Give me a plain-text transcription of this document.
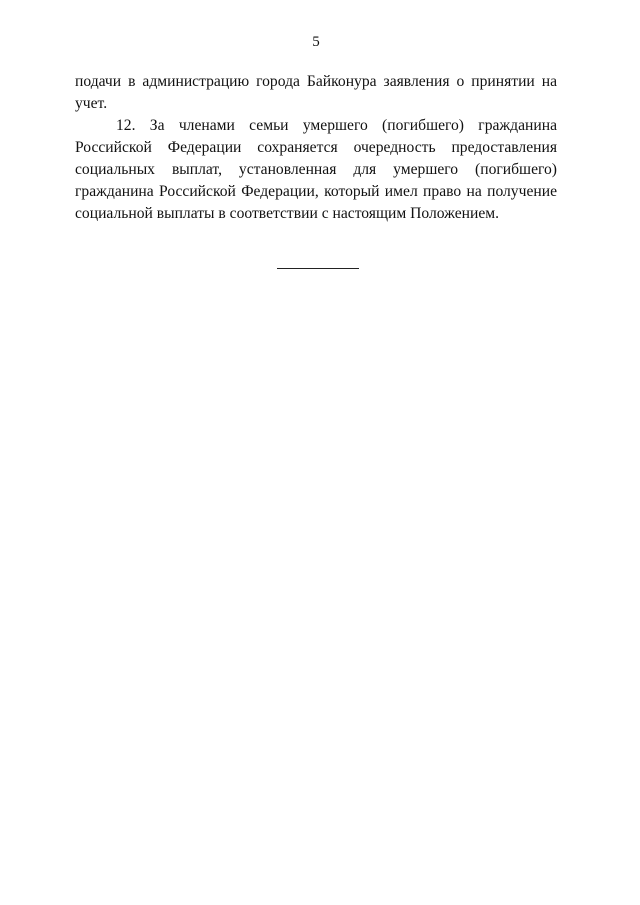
5

подачи в администрацию города Байконура заявления о принятии на учет.

12. За членами семьи умершего (погибшего) гражданина Российской Федерации сохраняется очередность предоставления социальных выплат, установленная для умершего (погибшего) гражданина Российской Федерации, который имел право на получение социальной выплаты в соответствии с настоящим Положением.
